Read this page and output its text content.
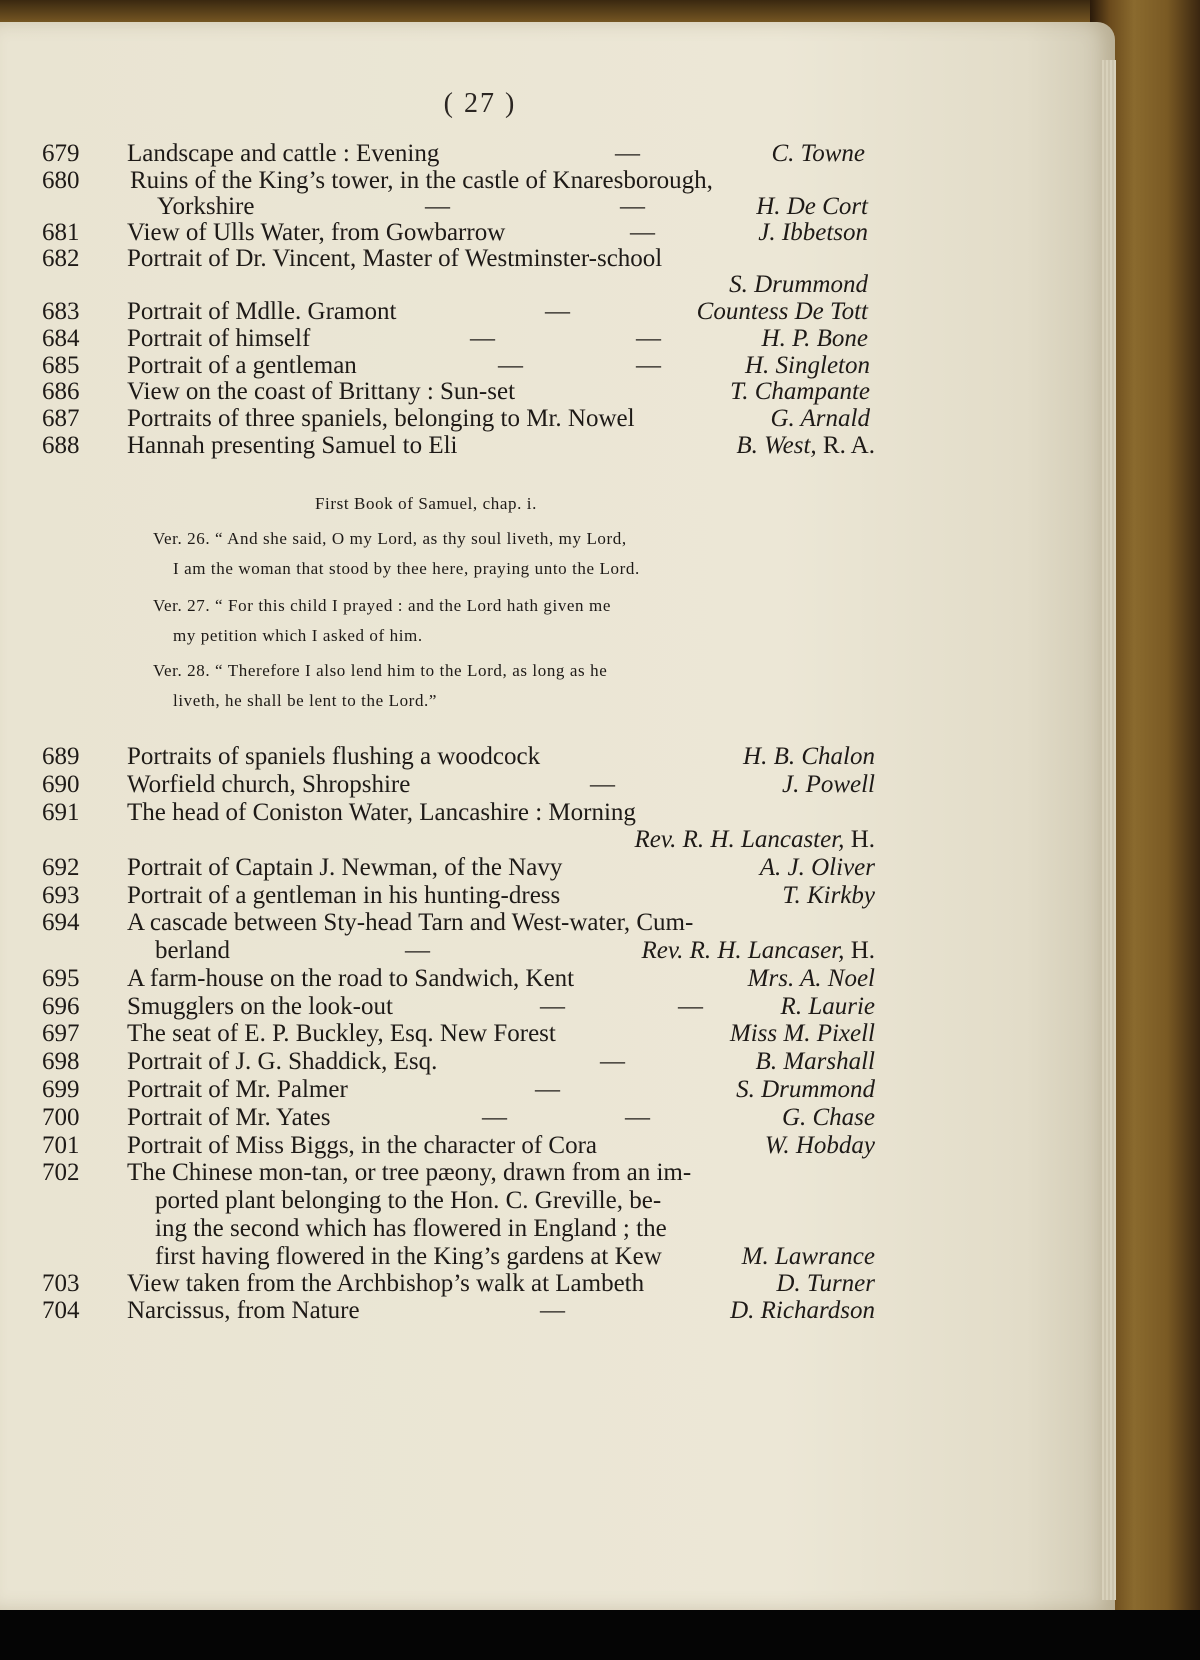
( 27 )
679	Landscape and cattle : Evening	—	C. Towne
680	Ruins of the King’s tower, in the castle of Knaresborough,
Yorkshire	—	—	H. De Cort
681	View of Ulls Water, from Gowbarrow	—	J. Ibbetson
682	Portrait of Dr. Vincent, Master of Westminster-school
S. Drummond
683	Portrait of Mdlle. Gramont	—	Countess De Tott
684	Portrait of himself	—	—	H. P. Bone
685	Portrait of a gentleman	—	—	H. Singleton
686	View on the coast of Brittany : Sun-set	T. Champante
687	Portraits of three spaniels, belonging to Mr. Nowel	G. Arnald
688	Hannah presenting Samuel to Eli	B. West, R. A.
First Book of Samuel, chap. i.
Ver. 26. “ And she said, O my Lord, as thy soul liveth, my Lord,
I am the woman that stood by thee here, praying unto the Lord.
Ver. 27. “ For this child I prayed : and the Lord hath given me
my petition which I asked of him.
Ver. 28. “ Therefore I also lend him to the Lord, as long as he
liveth, he shall be lent to the Lord.”
689	Portraits of spaniels flushing a woodcock	H. B. Chalon
690	Worfield church, Shropshire	—	J. Powell
691	The head of Coniston Water, Lancashire : Morning
Rev. R. H. Lancaster, H.
692	Portrait of Captain J. Newman, of the Navy	A. J. Oliver
693	Portrait of a gentleman in his hunting-dress	T. Kirkby
694	A cascade between Sty-head Tarn and West-water, Cum-
berland	—	Rev. R. H. Lancaser, H.
695	A farm-house on the road to Sandwich, Kent	Mrs. A. Noel
696	Smugglers on the look-out	—	—	R. Laurie
697	The seat of E. P. Buckley, Esq. New Forest	Miss M. Pixell
698	Portrait of J. G. Shaddick, Esq.	—	B. Marshall
699	Portrait of Mr. Palmer	—	S. Drummond
700	Portrait of Mr. Yates	—	—	G. Chase
701	Portrait of Miss Biggs, in the character of Cora	W. Hobday
702	The Chinese mon-tan, or tree pæony, drawn from an im-
ported plant belonging to the Hon. C. Greville, be-
ing the second which has flowered in England ; the
first having flowered in the King’s gardens at Kew	M. Lawrance
703	View taken from the Archbishop’s walk at Lambeth	D. Turner
704	Narcissus, from Nature	—	D. Richardson
